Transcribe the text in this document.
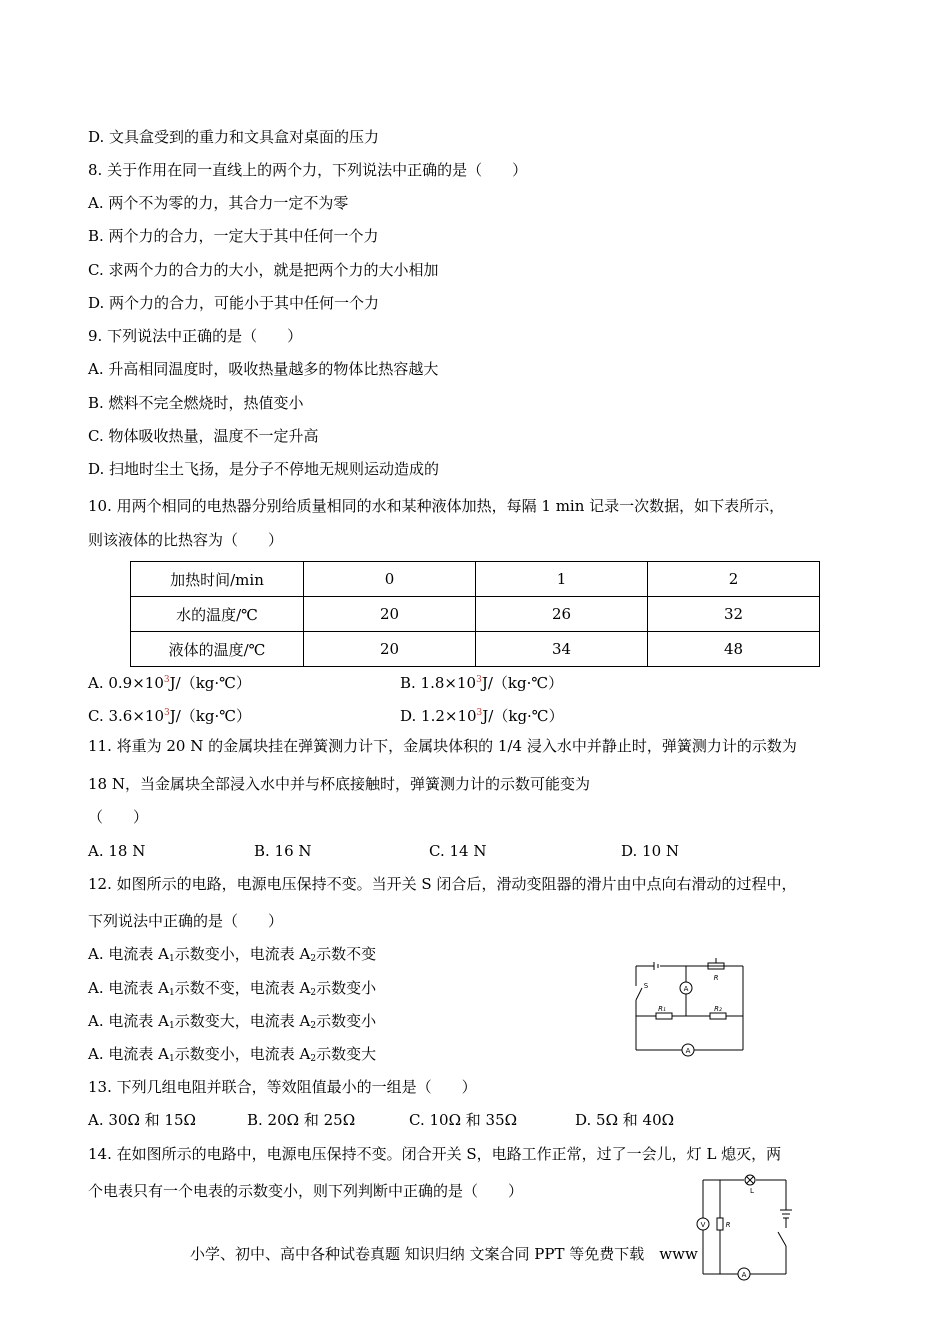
D. 文具盒受到的重力和文具盒对桌面的压力
8. 关于作用在同一直线上的两个力，下列说法中正确的是（　　）
A. 两个不为零的力，其合力一定不为零
B. 两个力的合力，一定大于其中任何一个力
C. 求两个力的合力的大小，就是把两个力的大小相加
D. 两个力的合力，可能小于其中任何一个力
9. 下列说法中正确的是（　　）
A. 升高相同温度时，吸收热量越多的物体比热容越大
B. 燃料不完全燃烧时，热值变小
C. 物体吸收热量，温度不一定升高
D. 扫地时尘土飞扬，是分子不停地无规则运动造成的
10. 用两个相同的电热器分别给质量相同的水和某种液体加热，每隔 1 min 记录一次数据，如下表所示，
则该液体的比热容为（　　）
加热时间/min	0	1	2
水的温度/℃	20	26	32
液体的温度/℃	20	34	48
A. $0.9\times 10^3J/(kg\cdot℃)$	B. $1.8\times 10^3J/(kg\cdot℃)$
C. $3.6\times 10^3J/(kg\cdot℃)$	D. $1.2\times 10^3J/(kg\cdot℃)$
11. 将重为 20 N 的金属块挂在弹簧测力计下，金属块体积的 1/4 浸入水中并静止时，弹簧测力计的示数为
18 N，当金属块全部浸入水中并与杯底接触时，弹簧测力计的示数可能变为
（　　）
A. 18 N	B. 16 N	C. 14 N	D. 10 N
12. 如图所示的电路，电源电压保持不变。当开关 S 闭合后，滑动变阻器的滑片由中点向右滑动的过程中，
下列说法中正确的是（　　）
A. 电流表 $A_1$示数变小，电流表 $A_2$示数不变
A. 电流表 $A_1$示数不变，电流表 $A_2$示数变小
A. 电流表 $A_1$示数变大，电流表 $A_2$示数变小
A. 电流表 $A_1$示数变小，电流表 $A_2$示数变大
S
R
R₁	R₂
A
A
13. 下列几组电阻并联合，等效阻值最小的一组是（　　）
A. 30Ω 和 15Ω	B. 20Ω 和 25Ω	C. 10Ω 和 35Ω	D. 5Ω 和 40Ω
14. 在如图所示的电路中，电源电压保持不变。闭合开关 S，电路工作正常，过了一会儿，灯 L 熄灭，两
个电表只有一个电表的示数变小，则下列判断中正确的是（　　）	L
R
V
A
小学、初中、高中各种试卷真题 知识归纳 文案合同 PPT 等免费下载　www
